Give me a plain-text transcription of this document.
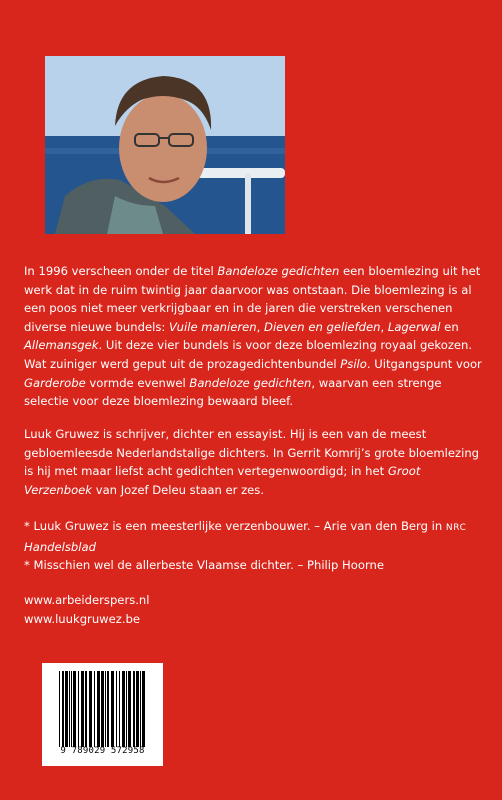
In 1996 verscheen onder de titel Bandeloze gedichten een bloemlezing uit het werk dat in de ruim twintig jaar daarvoor was ontstaan. Die bloemlezing is al een poos niet meer verkrijgbaar en in de jaren die verstreken verschenen diverse nieuwe bundels: Vuile manieren, Dieven en geliefden, Lagerwal en Allemansgek. Uit deze vier bundels is voor deze bloemlezing royaal gekozen. Wat zuiniger werd geput uit de prozagedichtenbundel Psilo. Uitgangspunt voor Garderobe vormde evenwel Bandeloze gedichten, waarvan een strenge selectie voor deze bloemlezing bewaard bleef.

Luuk Gruwez is schrijver, dichter en essayist. Hij is een van de meest gebloemleesde Nederlandstalige dichters. In Gerrit Komrij’s grote bloemlezing is hij met maar liefst acht gedichten vertegenwoordigd; in het Groot Verzenboek van Jozef Deleu staan er zes.

* Luuk Gruwez is een meesterlijke verzenbouwer. – Arie van den Berg in NRC Handelsblad

* Misschien wel de allerbeste Vlaamse dichter. – Philip Hoorne

www.arbeiderspers.nl

www.luukgruwez.be

9 789029 572958
